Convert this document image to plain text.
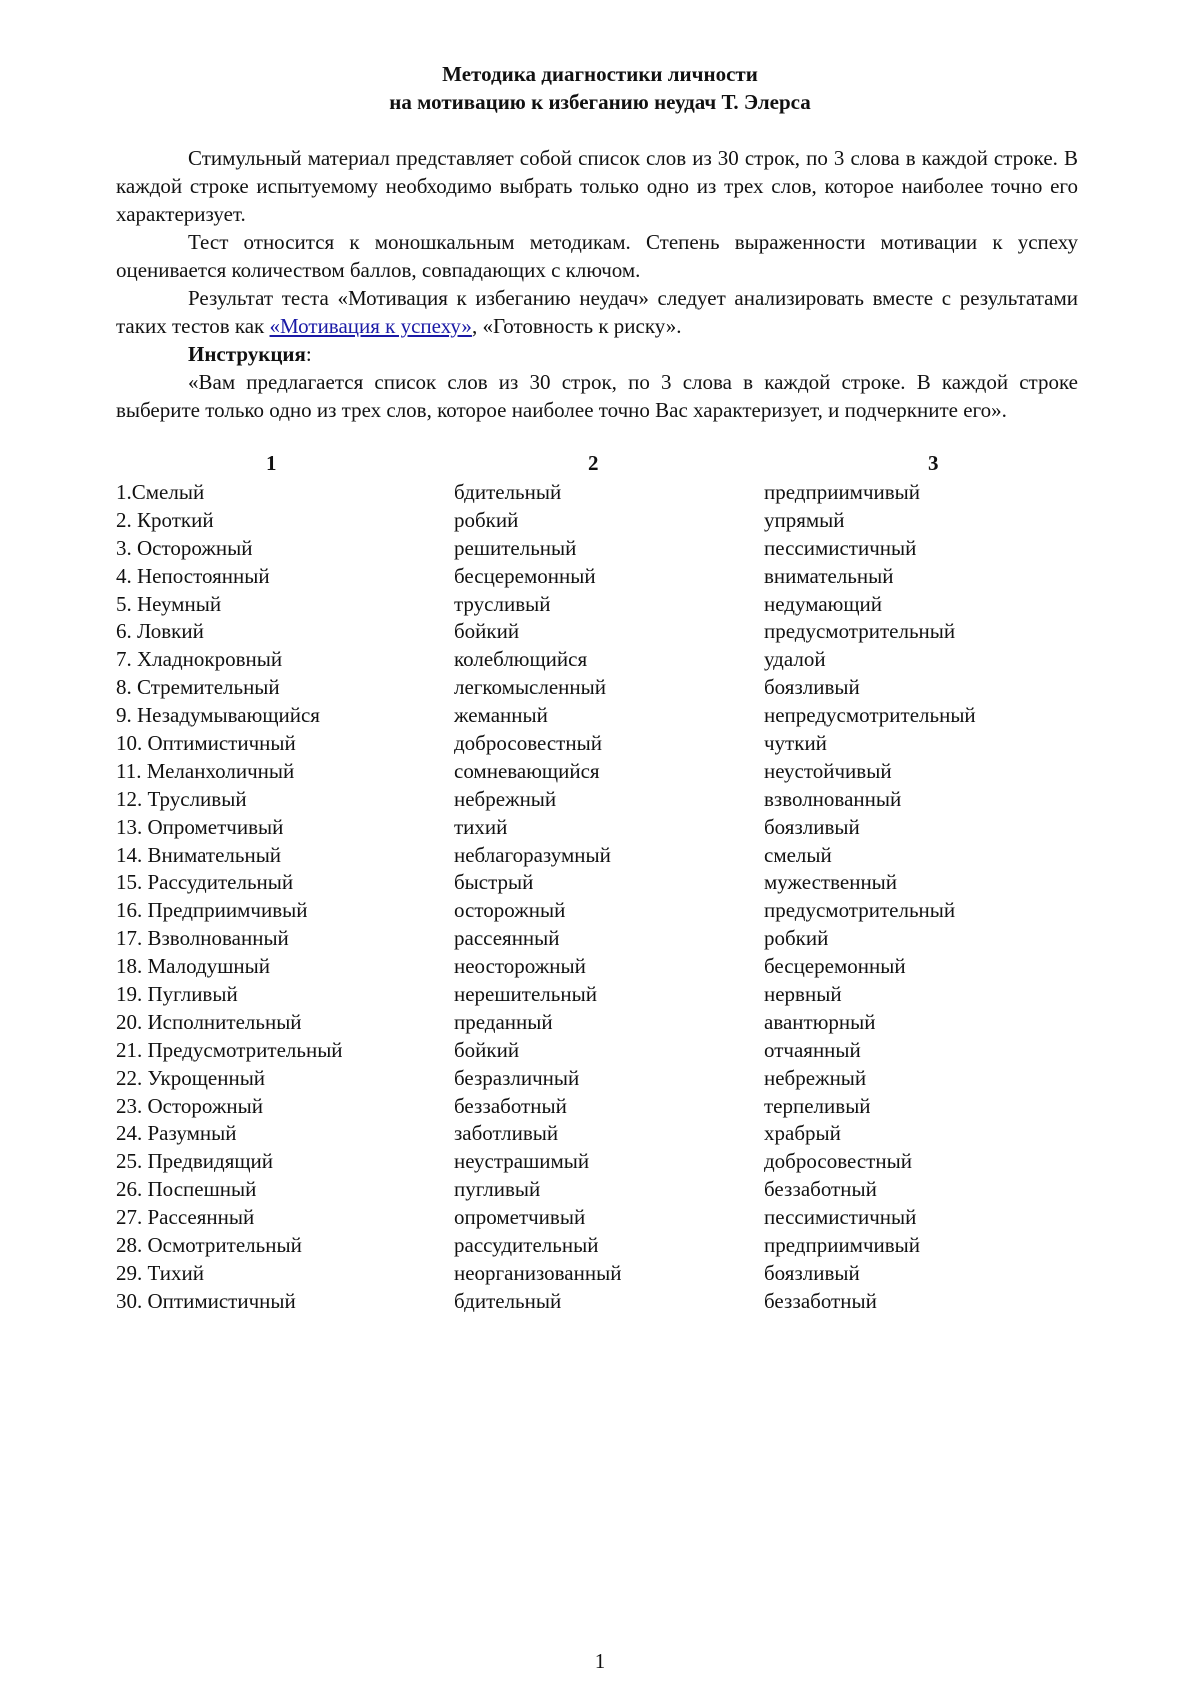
Методика диагностики личности
на мотивацию к избеганию неудач Т. Элерса

Стимульный материал представляет собой список слов из 30 строк, по 3 слова в каждой строке. В каждой строке испытуемому необходимо выбрать только одно из трех слов, которое наиболее точно его характеризует.

Тест относится к моношкальным методикам. Степень выраженности мотивации к успеху оценивается количеством баллов, совпадающих с ключом.

Результат теста «Мотивация к избеганию неудач» следует анализировать вместе с результатами таких тестов как «Мотивация к успеху», «Готовность к риску».

Инструкция:

«Вам предлагается список слов из 30 строк, по 3 слова в каждой строке. В каждой строке выберите только одно из трех слов, которое наиболее точно Вас характеризует, и подчеркните его».

1	2	3
1.Смелый	бдительный	предприимчивый
2. Кроткий	робкий	упрямый
3. Осторожный	решительный	пессимистичный
4. Непостоянный	бесцеремонный	внимательный
5. Неумный	трусливый	недумающий
6. Ловкий	бойкий	предусмотрительный
7. Хладнокровный	колеблющийся	удалой
8. Стремительный	легкомысленный	боязливый
9. Незадумывающийся	жеманный	непредусмотрительный
10. Оптимистичный	добросовестный	чуткий
11. Меланхоличный	сомневающийся	неустойчивый
12. Трусливый	небрежный	взволнованный
13. Опрометчивый	тихий	боязливый
14. Внимательный	неблагоразумный	смелый
15. Рассудительный	быстрый	мужественный
16. Предприимчивый	осторожный	предусмотрительный
17. Взволнованный	рассеянный	робкий
18. Малодушный	неосторожный	бесцеремонный
19. Пугливый	нерешительный	нервный
20. Исполнительный	преданный	авантюрный
21. Предусмотрительный	бойкий	отчаянный
22. Укрощенный	безразличный	небрежный
23. Осторожный	беззаботный	терпеливый
24. Разумный	заботливый	храбрый
25. Предвидящий	неустрашимый	добросовестный
26. Поспешный	пугливый	беззаботный
27. Рассеянный	опрометчивый	пессимистичный
28. Осмотрительный	рассудительный	предприимчивый
29. Тихий	неорганизованный	боязливый
30. Оптимистичный	бдительный	беззаботный
1
